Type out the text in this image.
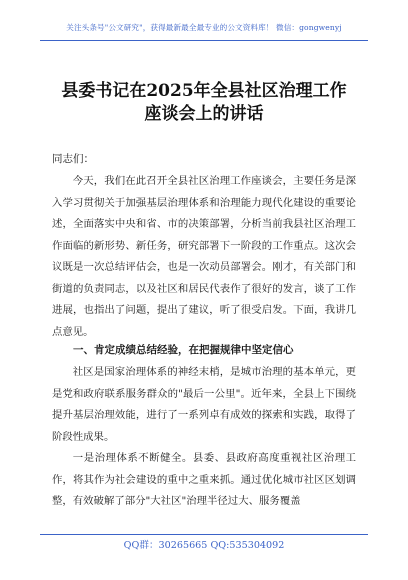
关注头条号"公文研究"，获得最新最全最专业的公文资料库！ 微信：gongwenyj
县委书记在2025年全县社区治理工作
座谈会上的讲话
同志们：
今天，我们在此召开全县社区治理工作座谈会，主要任务是深入学习贯彻关于加强基层治理体系和治理能力现代化建设的重要论述，全面落实中央和省、市的决策部署，分析当前我县社区治理工作面临的新形势、新任务，研究部署下一阶段的工作重点。这次会议既是一次总结评估会，也是一次动员部署会。刚才，有关部门和街道的负责同志，以及社区和居民代表作了很好的发言，谈了工作进展，也指出了问题，提出了建议，听了很受启发。下面，我讲几点意见。
一、肯定成绩总结经验，在把握规律中坚定信心
社区是国家治理体系的神经末梢，是城市治理的基本单元，更是党和政府联系服务群众的"最后一公里"。近年来，全县上下围绕提升基层治理效能，进行了一系列卓有成效的探索和实践，取得了阶段性成果。
一是治理体系不断健全。县委、县政府高度重视社区治理工作，将其作为社会建设的重中之重来抓。通过优化城市社区区划调整，有效破解了部分"大社区"治理半径过大、服务覆盖
QQ群：30265665 QQ:535304092
